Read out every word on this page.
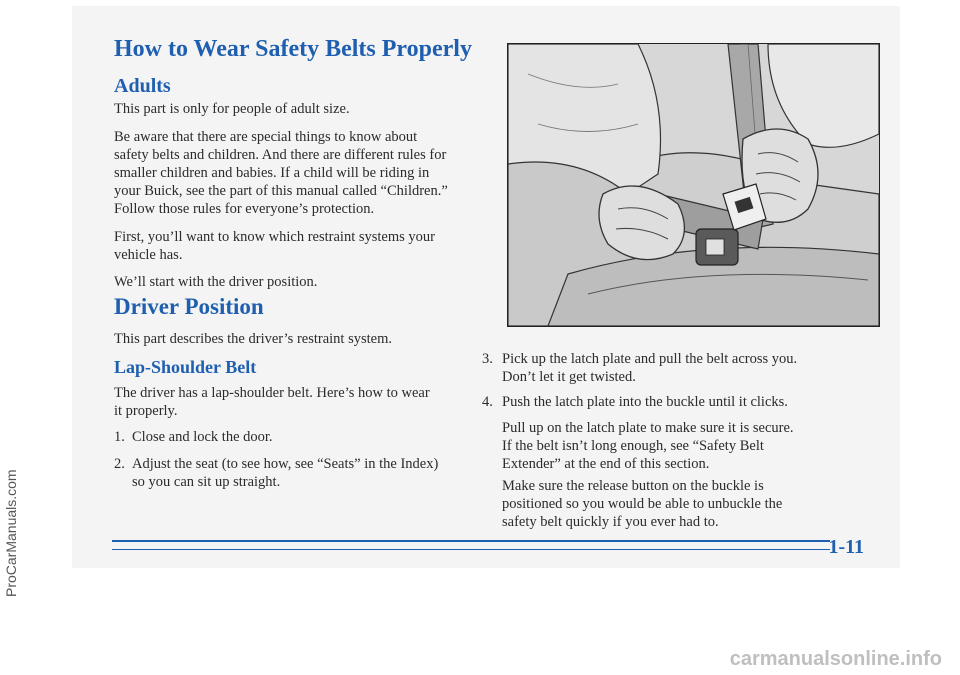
How to Wear Safety Belts Properly
Adults
This part is only for people of adult size.
Be aware that there are special things to know about
safety belts and children. And there are different rules for
smaller children and babies. If a child will be riding in
your Buick, see the part of this manual called “Children.”
Follow those rules for everyone’s protection.
First, you’ll want to know which restraint systems your
vehicle has.
We’ll start with the driver position.
Driver Position
This part describes the driver’s restraint system.
Lap-Shoulder Belt
The driver has a lap-shoulder belt. Here’s how to wear
it properly.
1. Close and lock the door.
2. Adjust the seat (to see how, see “Seats” in the Index)
so you can sit up straight.
3. Pick up the latch plate and pull the belt across you.
Don’t let it get twisted.
4. Push the latch plate into the buckle until it clicks.
Pull up on the latch plate to make sure it is secure.
If the belt isn’t long enough, see “Safety Belt
Extender” at the end of this section.
Make sure the release button on the buckle is
positioned so you would be able to unbuckle the
safety belt quickly if you ever had to.
1-11
ProCarManuals.com
carmanualsonline.info
